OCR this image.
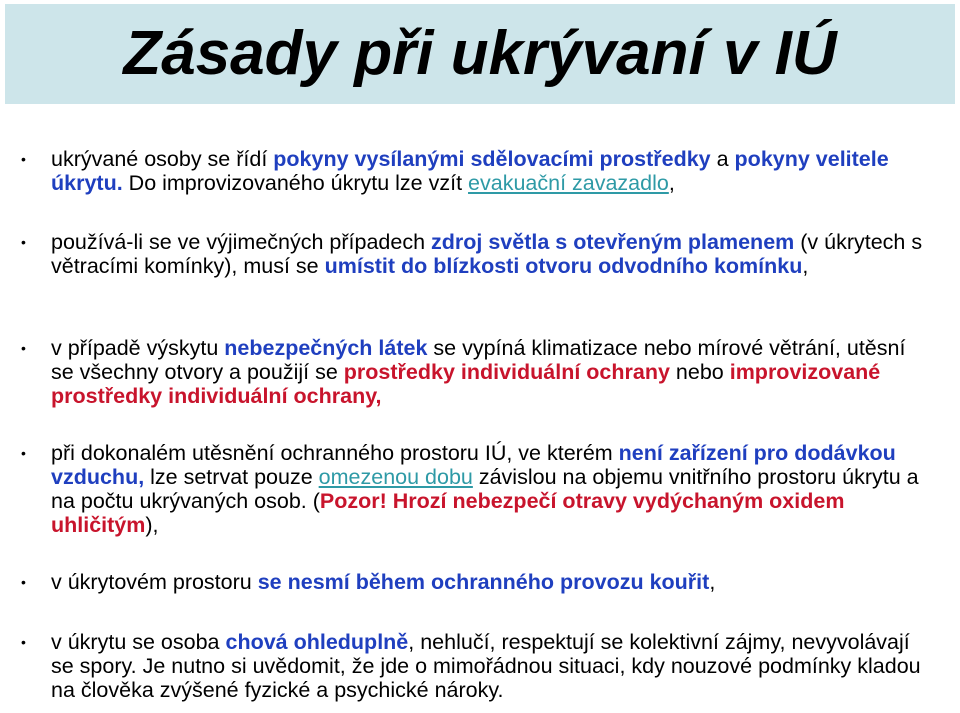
Zásady při ukrývaní v IÚ
• ukrývané osoby se řídí pokyny vysílanými sdělovacími prostředky a pokyny velitele úkrytu. Do improvizovaného úkrytu lze vzít evakuační zavazadlo,
• používá-li se ve výjimečných případech zdroj světla s otevřeným plamenem (v úkrytech s větracími komínky), musí se umístit do blízkosti otvoru odvodního komínku,
• v případě výskytu nebezpečných látek se vypíná klimatizace nebo mírové větrání, utěsní se všechny otvory a použijí se prostředky individuální ochrany nebo improvizované prostředky individuální ochrany,
• při dokonalém utěsnění ochranného prostoru IÚ, ve kterém není zařízení pro dodávkou vzduchu, lze setrvat pouze omezenou dobu závislou na objemu vnitřního prostoru úkrytu a na počtu ukrývaných osob. (Pozor! Hrozí nebezpečí otravy vydýchaným oxidem uhličitým),
• v úkrytovém prostoru se nesmí během ochranného provozu kouřit,
• v úkrytu se osoba chová ohleduplně, nehlučí, respektují se kolektivní zájmy, nevyvolávají se spory. Je nutno si uvědomit, že jde o mimořádnou situaci, kdy nouzové podmínky kladou na člověka zvýšené fyzické a psychické nároky.
